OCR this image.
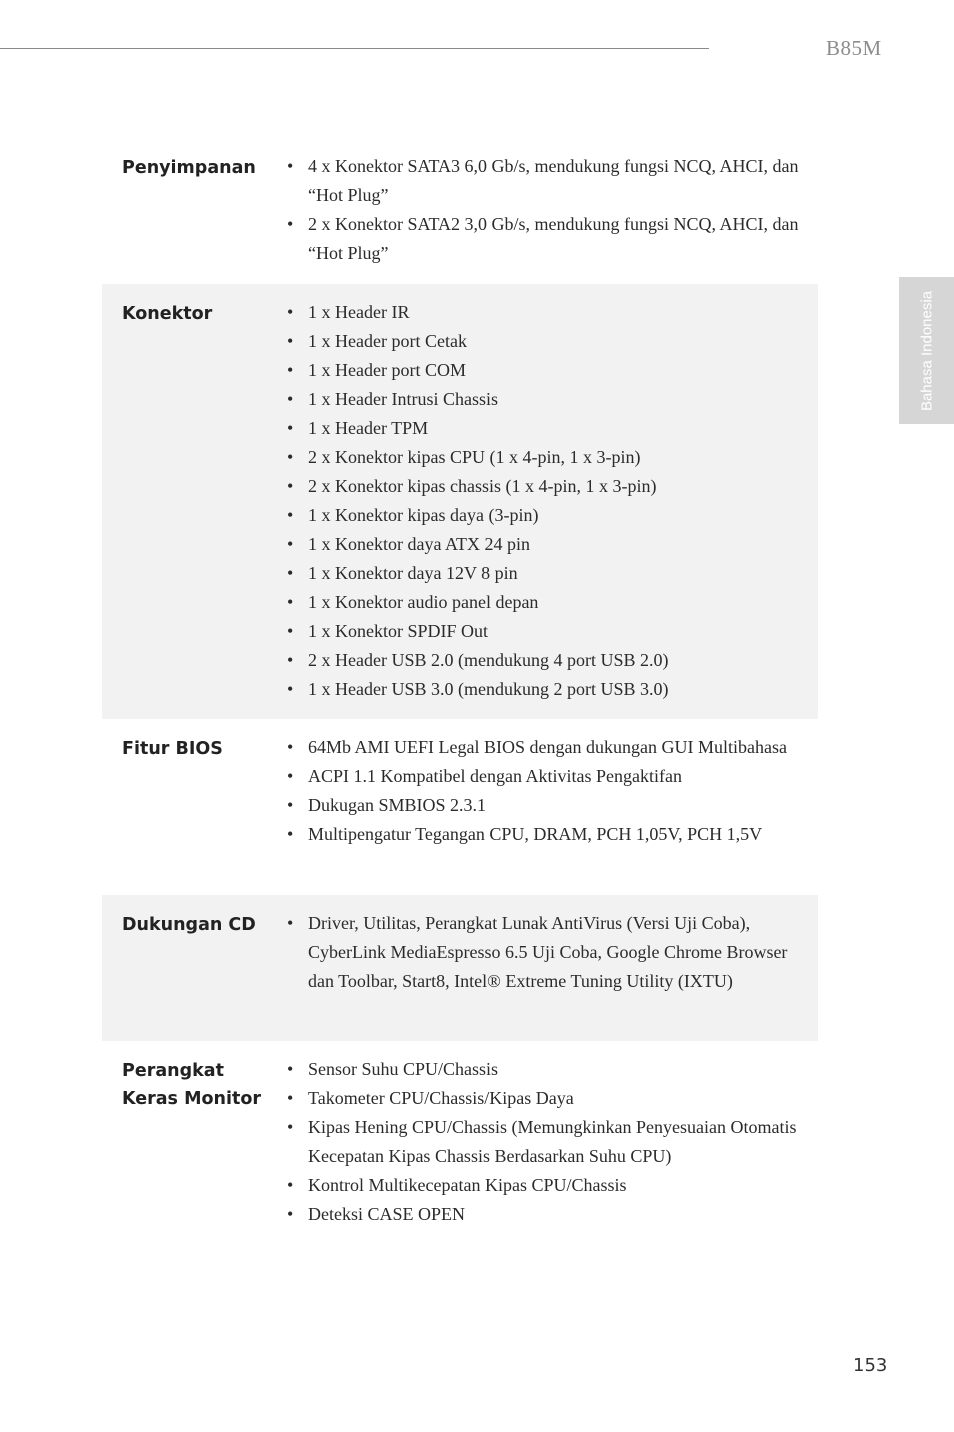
B85M
Bahasa Indonesia
Penyimpanan	• 4 x Konektor SATA3 6,0 Gb/s, mendukung fungsi NCQ, AHCI, dan “Hot Plug”
• 2 x Konektor SATA2 3,0 Gb/s, mendukung fungsi NCQ, AHCI, dan “Hot Plug”
Konektor	• 1 x Header IR
• 1 x Header port Cetak
• 1 x Header port COM
• 1 x Header Intrusi Chassis
• 1 x Header TPM
• 2 x Konektor kipas CPU (1 x 4-pin, 1 x 3-pin)
• 2 x Konektor kipas chassis (1 x 4-pin, 1 x 3-pin)
• 1 x Konektor kipas daya (3-pin)
• 1 x Konektor daya ATX 24 pin
• 1 x Konektor daya 12V 8 pin
• 1 x Konektor audio panel depan
• 1 x Konektor SPDIF Out
• 2 x Header USB 2.0 (mendukung 4 port USB 2.0)
• 1 x Header USB 3.0 (mendukung 2 port USB 3.0)
Fitur BIOS	• 64Mb AMI UEFI Legal BIOS dengan dukungan GUI Multibahasa
• ACPI 1.1 Kompatibel dengan Aktivitas Pengaktifan
• Dukugan SMBIOS 2.3.1
• Multipengatur Tegangan CPU, DRAM, PCH 1,05V, PCH 1,5V
Dukungan CD	• Driver, Utilitas, Perangkat Lunak AntiVirus (Versi Uji Coba), CyberLink MediaEspresso 6.5 Uji Coba, Google Chrome Browser dan Toolbar, Start8, Intel® Extreme Tuning Utility (IXTU)
Perangkat Keras Monitor
• Sensor Suhu CPU/Chassis
• Takometer CPU/Chassis/Kipas Daya
• Kipas Hening CPU/Chassis (Memungkinkan Penyesuaian Otomatis Kecepatan Kipas Chassis Berdasarkan Suhu CPU)
• Kontrol Multikecepatan Kipas CPU/Chassis
• Deteksi CASE OPEN
153
